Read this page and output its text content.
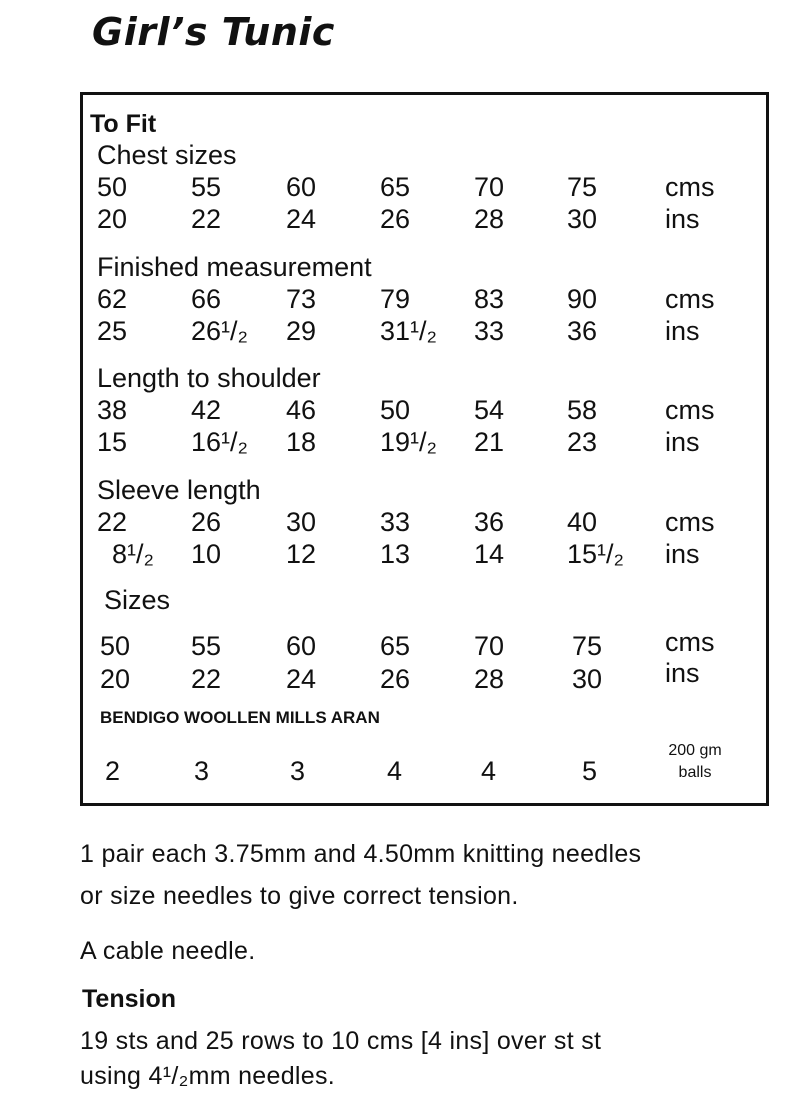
Girl’s Tunic
To Fit
Chest sizes
50 55 60 65 70 75	cms
20 22 24 26 28 30	ins
Finished measurement
62 66 73 79 83 90	cms
25 26¹/₂ 29 31¹/₂ 33 36	ins
Length to shoulder
38 42 46 50 54 58	cms
15 16¹/₂ 18 19¹/₂ 21 23	ins
Sleeve length
22 26 30 33 36 40	cms
8¹/₂ 10 12 13 14 15¹/₂ ins
Sizes
50 55 60 65 70	75 cms
20 22 24 26 28	30 ins
BENDIGO WOOLLEN MILLS ARAN
2	3	3	4	4	5
200 gm
balls

1 pair each 3.75mm and 4.50mm knitting needles

or size needles to give correct tension.

A cable needle.

Tension

19 sts and 25 rows to 10 cms [4 ins] over st st

using 4¹/₂mm needles.
